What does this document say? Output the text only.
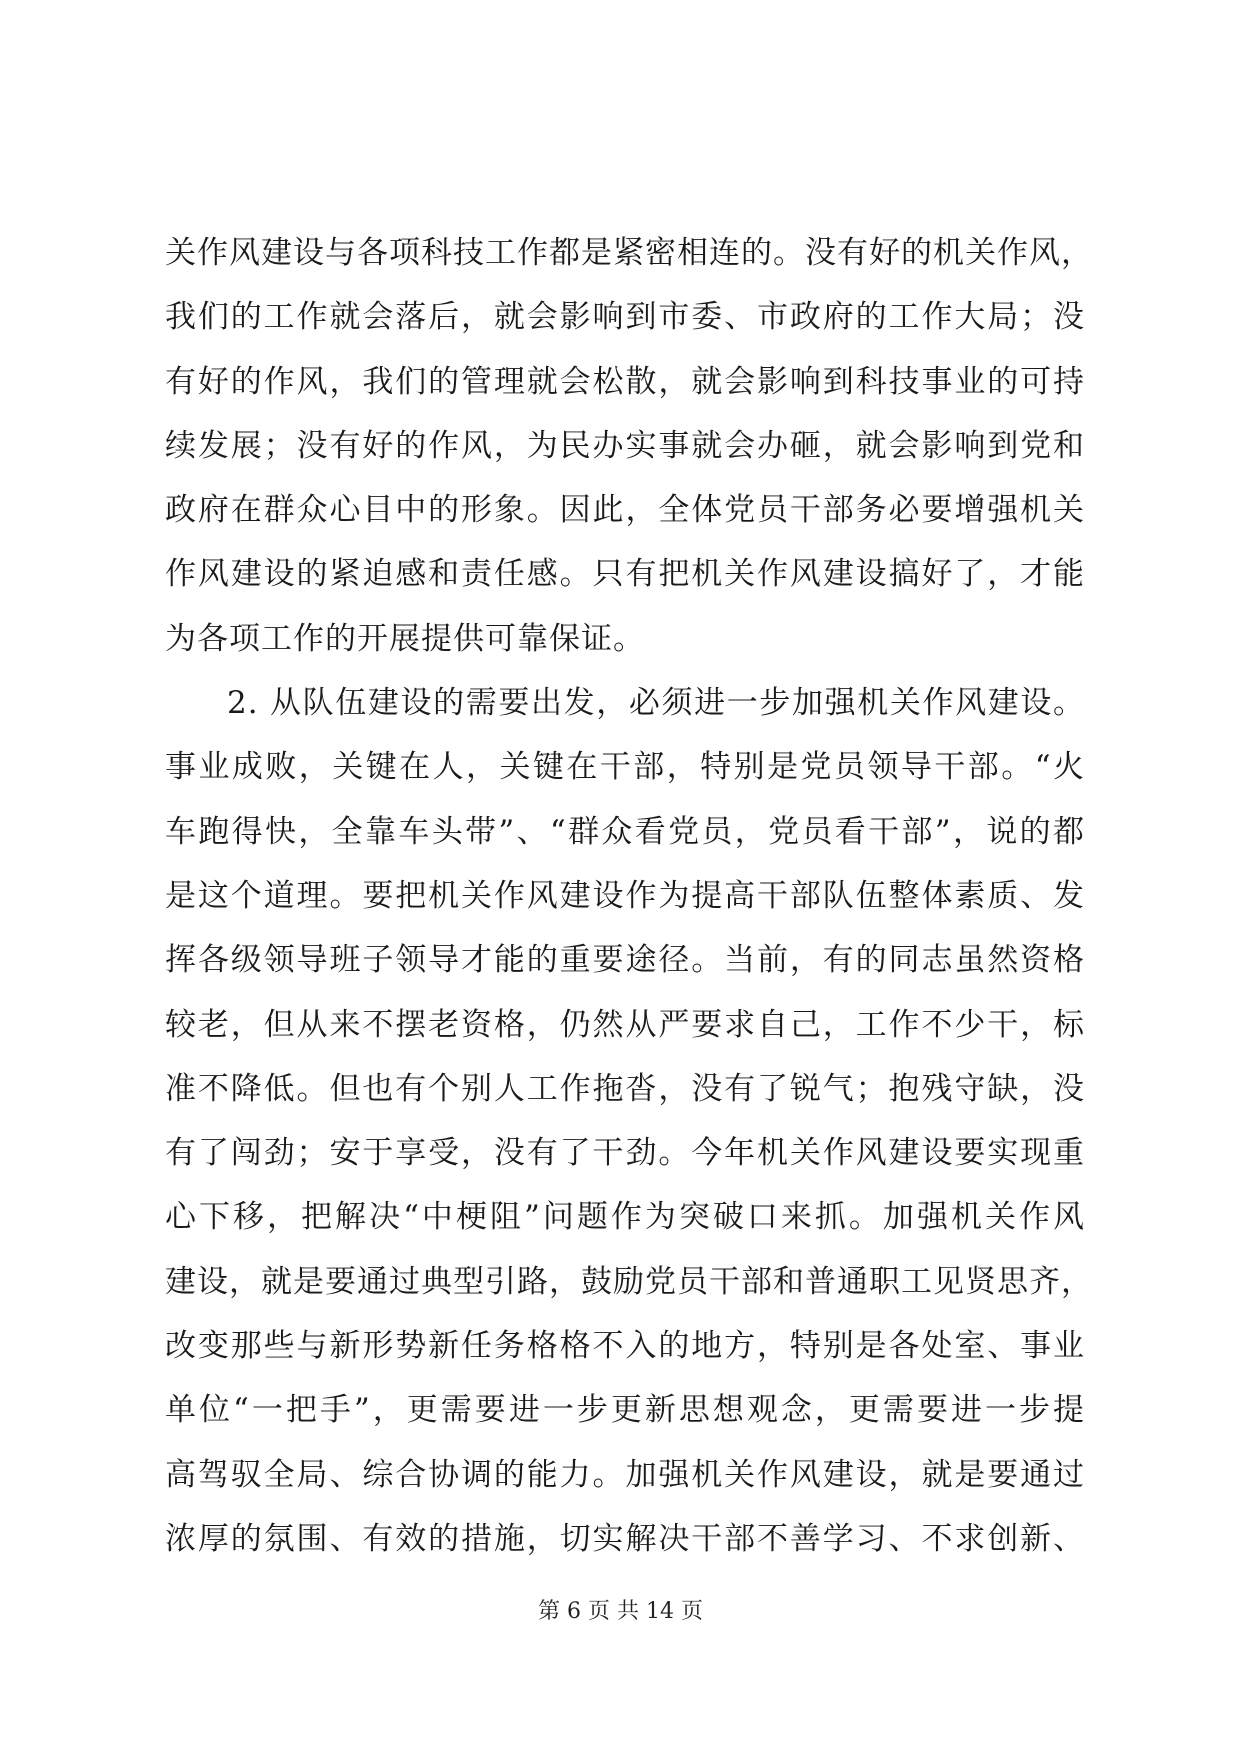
关作风建设与各项科技工作都是紧密相连的。没有好的机关作风，
我们的工作就会落后，就会影响到市委、市政府的工作大局；没
有好的作风，我们的管理就会松散，就会影响到科技事业的可持
续发展；没有好的作风，为民办实事就会办砸，就会影响到党和
政府在群众心目中的形象。因此，全体党员干部务必要增强机关
作风建设的紧迫感和责任感。只有把机关作风建设搞好了，才能
为各项工作的开展提供可靠保证。
2. 从队伍建设的需要出发，必须进一步加强机关作风建设。
事业成败，关键在人，关键在干部，特别是党员领导干部。“火
车跑得快，全靠车头带”、“群众看党员，党员看干部”，说的都
是这个道理。要把机关作风建设作为提高干部队伍整体素质、发
挥各级领导班子领导才能的重要途径。当前，有的同志虽然资格
较老，但从来不摆老资格，仍然从严要求自己，工作不少干，标
准不降低。但也有个别人工作拖沓，没有了锐气；抱残守缺，没
有了闯劲；安于享受，没有了干劲。今年机关作风建设要实现重
心下移，把解决“中梗阻”问题作为突破口来抓。加强机关作风
建设，就是要通过典型引路，鼓励党员干部和普通职工见贤思齐，
改变那些与新形势新任务格格不入的地方，特别是各处室、事业
单位“一把手”，更需要进一步更新思想观念，更需要进一步提
高驾驭全局、综合协调的能力。加强机关作风建设，就是要通过
浓厚的氛围、有效的措施，切实解决干部不善学习、不求创新、
第 6 页 共 14 页
